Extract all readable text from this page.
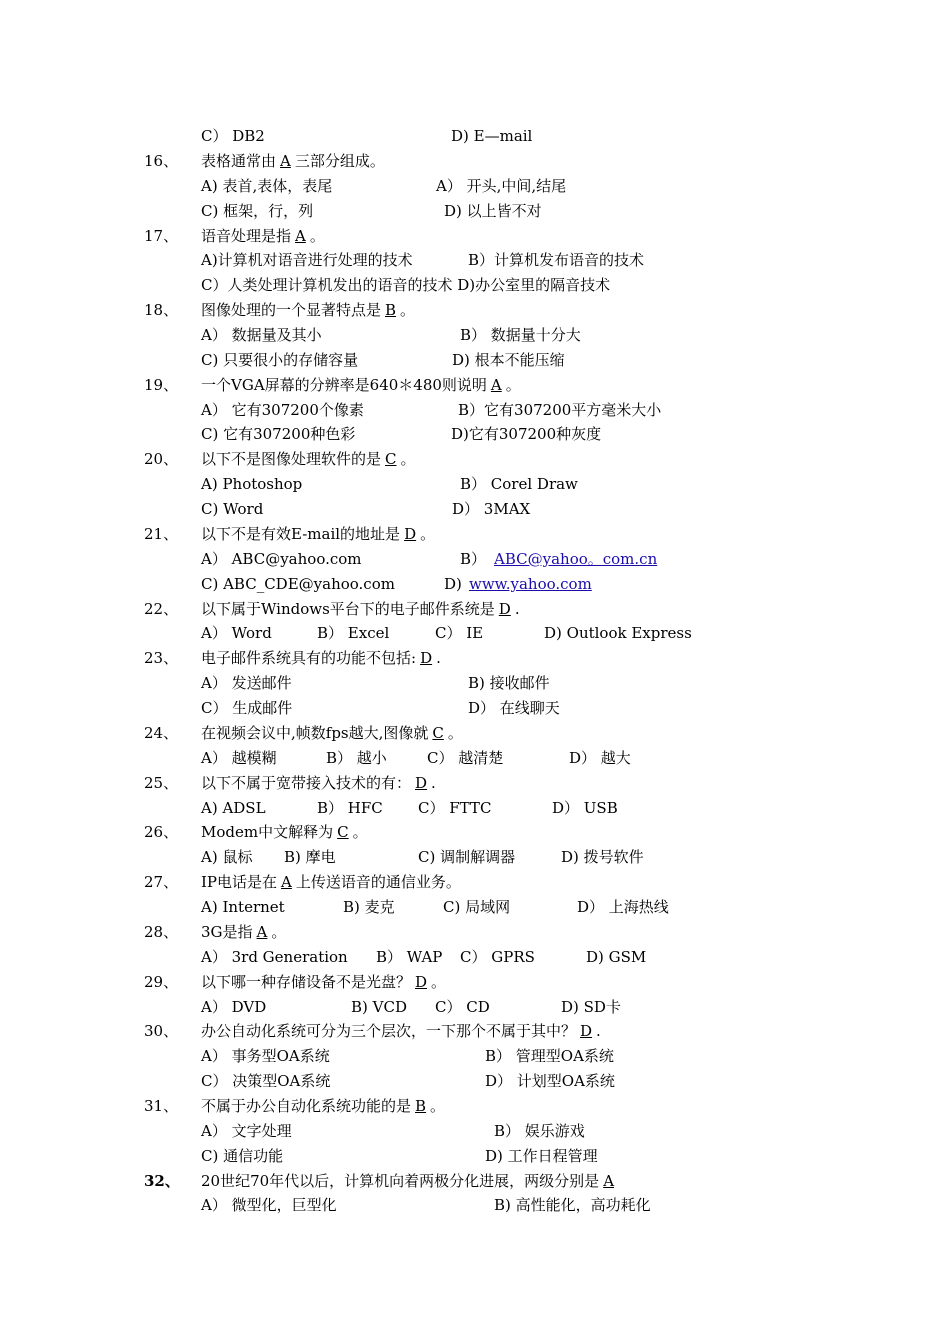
C） DB2	D) E—mail
16、 表格通常由 A 三部分组成。
A) 表首,表体，表尾	A） 开头,中间,结尾
C) 框架，行，列	D) 以上皆不对
17、 语音处理是指 A 。
A)计算机对语音进行处理的技术	B）计算机发布语音的技术
C）人类处理计算机发出的语音的技术 D)办公室里的隔音技术
18、 图像处理的一个显著特点是 B 。
A） 数据量及其小	B） 数据量十分大
C) 只要很小的存储容量	D) 根本不能压缩
19、 一个VGA屏幕的分辨率是640＊480则说明 A 。
A） 它有307200个像素	B）它有307200平方毫米大小
C) 它有307200种色彩	D)它有307200种灰度
20、 以下不是图像处理软件的是 C 。
A) Photoshop	B） Corel Draw
C) Word	D） 3MAX
21、 以下不是有效E-mail的地址是 D 。
A） ABC@yahoo.com	B） ABC@yahoo。com.cn
C) ABC_CDE@yahoo.com	D) www.yahoo.com
22、 以下属于Windows平台下的电子邮件系统是 D .
A） Word	B） Excel	C） IE	D) Outlook Express
23、 电子邮件系统具有的功能不包括: D .
A） 发送邮件	B) 接收邮件
C） 生成邮件	D） 在线聊天
24、 在视频会议中,帧数fps越大,图像就 C 。
A） 越模糊	B） 越小	C） 越清楚	D） 越大
25、 以下不属于宽带接入技术的有： D .
A) ADSL	B） HFC C） FTTC	D） USB
26、 Modem中文解释为 C 。
A) 鼠标 B) 摩电	C) 调制解调器	D) 拨号软件
27、 IP电话是在 A 上传送语音的通信业务。
A) Internet	B) 麦克	C) 局域网	D） 上海热线
28、 3G是指 A 。
A） 3rd Generation B） WAP C） GPRS	D) GSM
29、 以下哪一种存储设备不是光盘？ D 。
A） DVD	B) VCD C） CD	D) SD卡
30、 办公自动化系统可分为三个层次，一下那个不属于其中？ D .
A） 事务型OA系统	B） 管理型OA系统
C） 决策型OA系统	D） 计划型OA系统
31、 不属于办公自动化系统功能的是 B 。
A） 文字处理	B） 娱乐游戏
C) 通信功能	D) 工作日程管理
32、 20世纪70年代以后，计算机向着两极分化进展，两级分别是 A
A） 微型化，巨型化	B) 高性能化，高功耗化
